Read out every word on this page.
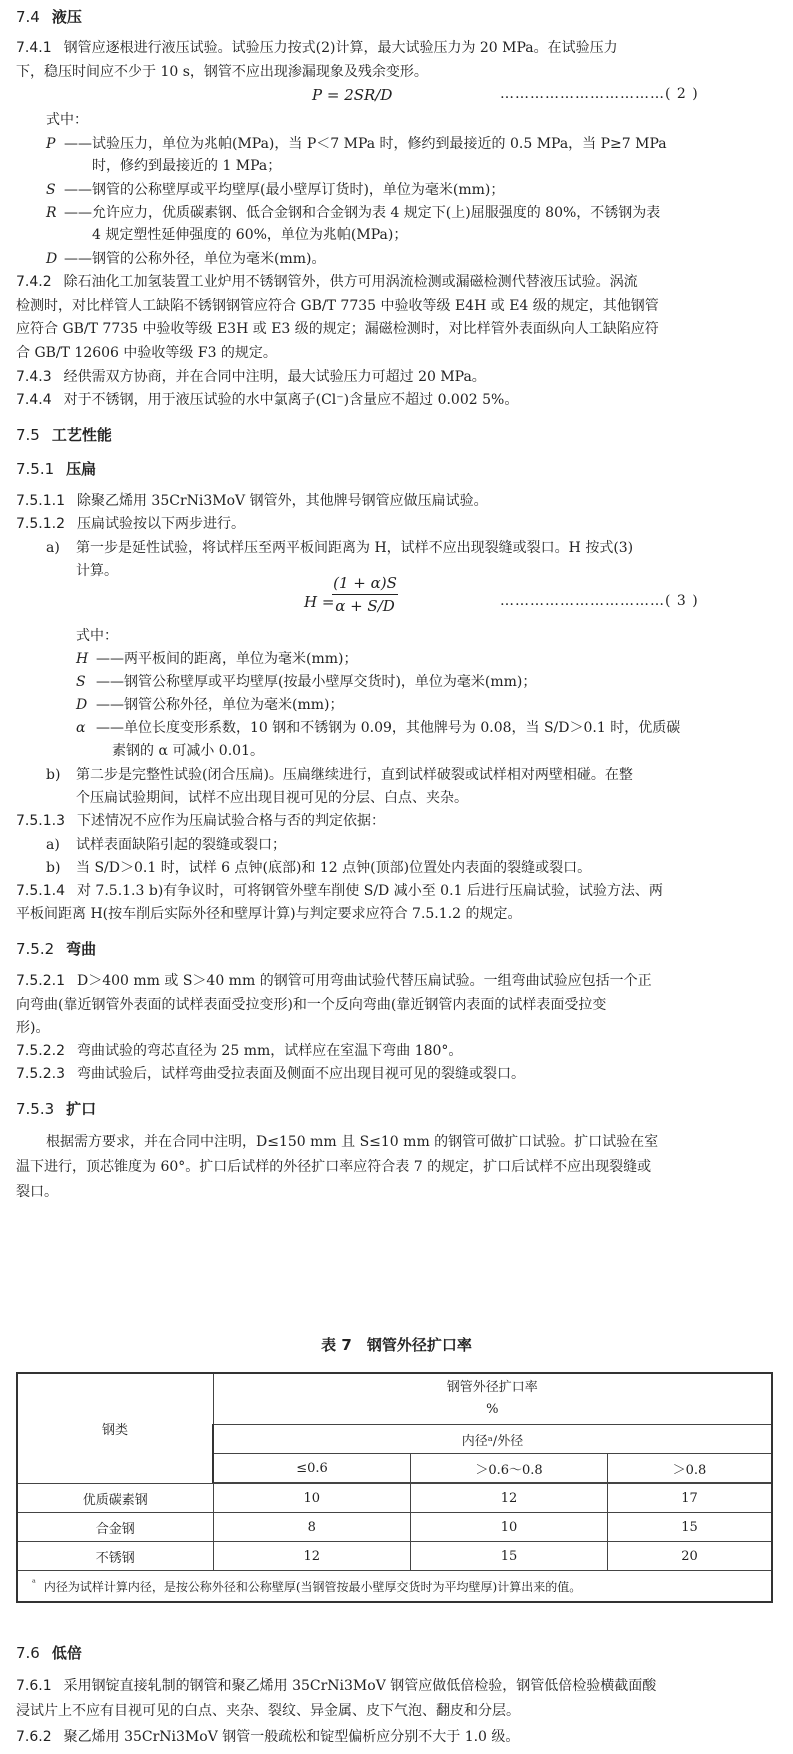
7.4 液压
7.4.1 钢管应逐根进行液压试验。试验压力按式(2)计算，最大试验压力为 20 MPa。在试验压力
下，稳压时间应不少于 10 s，钢管不应出现渗漏现象及残余变形。
P = 2SR/D	……………………………( 2 )
式中：
P ——试验压力，单位为兆帕(MPa)，当 P＜7 MPa 时，修约到最接近的 0.5 MPa，当 P≥7 MPa
时，修约到最接近的 1 MPa；
S ——钢管的公称壁厚或平均壁厚(最小壁厚订货时)，单位为毫米(mm)；
R ——允许应力，优质碳素钢、低合金钢和合金钢为表 4 规定下(上)屈服强度的 80%，不锈钢为表
4 规定塑性延伸强度的 60%，单位为兆帕(MPa)；
D ——钢管的公称外径，单位为毫米(mm)。
7.4.2 除石油化工加氢装置工业炉用不锈钢管外，供方可用涡流检测或漏磁检测代替液压试验。涡流
检测时，对比样管人工缺陷不锈钢钢管应符合 GB/T 7735 中验收等级 E4H 或 E4 级的规定，其他钢管
应符合 GB/T 7735 中验收等级 E3H 或 E3 级的规定；漏磁检测时，对比样管外表面纵向人工缺陷应符
合 GB/T 12606 中验收等级 F3 的规定。
7.4.3 经供需双方协商，并在合同中注明，最大试验压力可超过 20 MPa。
7.4.4 对于不锈钢，用于液压试验的水中氯离子(Cl⁻)含量应不超过 0.002 5%。
7.5 工艺性能
7.5.1 压扁
7.5.1.1 除聚乙烯用 35CrNi3MoV 钢管外，其他牌号钢管应做压扁试验。
7.5.1.2 压扁试验按以下两步进行。
a) 第一步是延性试验，将试样压至两平板间距离为 H，试样不应出现裂缝或裂口。H 按式(3)
计算。
H =
(1 + α)S
α + S/D	……………………………( 3 )
式中：
H ——两平板间的距离，单位为毫米(mm)；
S ——钢管公称壁厚或平均壁厚(按最小壁厚交货时)，单位为毫米(mm)；
D ——钢管公称外径，单位为毫米(mm)；
α ——单位长度变形系数，10 钢和不锈钢为 0.09，其他牌号为 0.08，当 S/D＞0.1 时，优质碳
素钢的 α 可减小 0.01。
b) 第二步是完整性试验(闭合压扁)。压扁继续进行，直到试样破裂或试样相对两壁相碰。在整
个压扁试验期间，试样不应出现目视可见的分层、白点、夹杂。
7.5.1.3 下述情况不应作为压扁试验合格与否的判定依据：
a) 试样表面缺陷引起的裂缝或裂口；
b) 当 S/D＞0.1 时，试样 6 点钟(底部)和 12 点钟(顶部)位置处内表面的裂缝或裂口。
7.5.1.4 对 7.5.1.3 b)有争议时，可将钢管外壁车削使 S/D 减小至 0.1 后进行压扁试验，试验方法、两
平板间距离 H(按车削后实际外径和壁厚计算)与判定要求应符合 7.5.1.2 的规定。
7.5.2 弯曲
7.5.2.1 D＞400 mm 或 S＞40 mm 的钢管可用弯曲试验代替压扁试验。一组弯曲试验应包括一个正
向弯曲(靠近钢管外表面的试样表面受拉变形)和一个反向弯曲(靠近钢管内表面的试样表面受拉变
形)。
7.5.2.2 弯曲试验的弯芯直径为 25 mm，试样应在室温下弯曲 180°。
7.5.2.3 弯曲试验后，试样弯曲受拉表面及侧面不应出现目视可见的裂缝或裂口。
7.5.3 扩口
根据需方要求，并在合同中注明，D≤150 mm 且 S≤10 mm 的钢管可做扩口试验。扩口试验在室
温下进行，顶芯锥度为 60°。扩口后试样的外径扩口率应符合表 7 的规定，扩口后试样不应出现裂缝或
裂口。
表 7　钢管外径扩口率
钢类	钢管外径扩口率
%		

	内径ᵃ/外径		
	≤0.6	＞0.6～0.8	＞0.8

优质碳素钢	10	12	17
合金钢	8	10	15
不锈钢	12	15	20
$^ᵃ$ 内径为试样计算内径，是按公称外径和公称壁厚(当钢管按最小壁厚交货时为平均壁厚)计算出来的值。			
7.6 低倍
7.6.1 采用钢锭直接轧制的钢管和聚乙烯用 35CrNi3MoV 钢管应做低倍检验，钢管低倍检验横截面酸
浸试片上不应有目视可见的白点、夹杂、裂纹、异金属、皮下气泡、翻皮和分层。
7.6.2 聚乙烯用 35CrNi3MoV 钢管一般疏松和锭型偏析应分别不大于 1.0 级。
